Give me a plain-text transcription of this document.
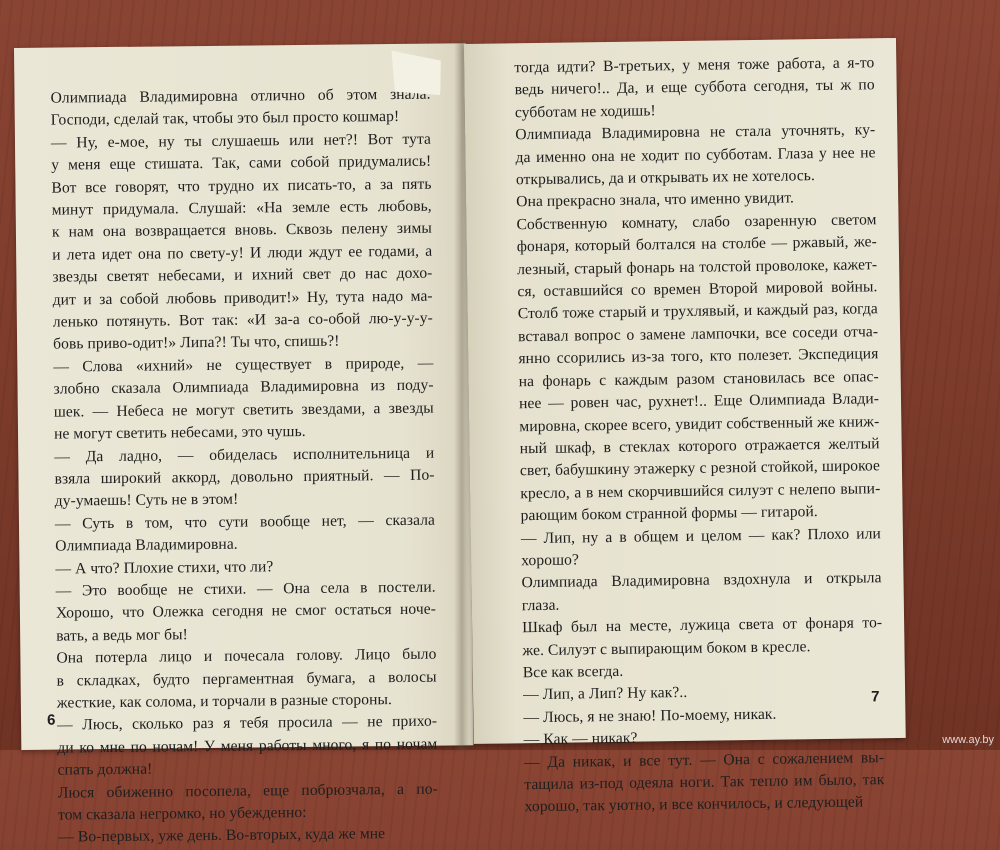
Олимпиада Владимировна отлично об этом знала.
Господи, сделай так, чтобы это был просто кошмар!
— Ну, е-мое, ну ты слушаешь или нет?! Вот тута
у меня еще стишата. Так, сами собой придумались!
Вот все говорят, что трудно их писать-то, а за пять
минут придумала. Слушай: «На земле есть любовь,
к нам она возвращается вновь. Сквозь пелену зимы
и лета идет она по свету-у! И люди ждут ее годами, а
звезды светят небесами, и ихний свет до нас дохо-
дит и за собой любовь приводит!» Ну, тута надо ма-
ленько потянуть. Вот так: «И за-а со-обой лю-у-у-у-
бовь приво-одит!» Липа?! Ты что, спишь?!
— Слова «ихний» не существует в природе, —
злобно сказала Олимпиада Владимировна из поду-
шек. — Небеса не могут светить звездами, а звезды
не могут светить небесами, это чушь.
— Да ладно, — обиделась исполнительница и
взяла широкий аккорд, довольно приятный. — По-
ду-умаешь! Суть не в этом!
— Суть в том, что сути вообще нет, — сказала
Олимпиада Владимировна.
— А что? Плохие стихи, что ли?
— Это вообще не стихи. — Она села в постели.
Хорошо, что Олежка сегодня не смог остаться ноче-
вать, а ведь мог бы!
Она потерла лицо и почесала голову. Лицо было
в складках, будто пергаментная бумага, а волосы
жесткие, как солома, и торчали в разные стороны.
— Люсь, сколько раз я тебя просила — не прихо-
ди ко мне по ночам! У меня работы много, я по ночам
спать должна!
Люся обиженно посопела, еще побрюзчала, а по-
том сказала негромко, но убежденно:
— Во-первых, уже день. Во-вторых, куда же мне
6
тогда идти? В-третьих, у меня тоже работа, а я-то
ведь ничего!.. Да, и еще суббота сегодня, ты ж по
субботам не ходишь!
Олимпиада Владимировна не стала уточнять, ку-
да именно она не ходит по субботам. Глаза у нее не
открывались, да и открывать их не хотелось.
Она прекрасно знала, что именно увидит.
Собственную комнату, слабо озаренную светом
фонаря, который болтался на столбе — ржавый, же-
лезный, старый фонарь на толстой проволоке, кажет-
ся, оставшийся со времен Второй мировой войны.
Столб тоже старый и трухлявый, и каждый раз, когда
вставал вопрос о замене лампочки, все соседи отча-
янно ссорились из-за того, кто полезет. Экспедиция
на фонарь с каждым разом становилась все опас-
нее — ровен час, рухнет!.. Еще Олимпиада Влади-
мировна, скорее всего, увидит собственный же книж-
ный шкаф, в стеклах которого отражается желтый
свет, бабушкину этажерку с резной стойкой, широкое
кресло, а в нем скорчившийся силуэт с нелепо выпи-
рающим боком странной формы — гитарой.
— Лип, ну а в общем и целом — как? Плохо или
хорошо?
Олимпиада Владимировна вздохнула и открыла
глаза.
Шкаф был на месте, лужица света от фонаря то-
же. Силуэт с выпирающим боком в кресле.
Все как всегда.
— Лип, а Лип? Ну как?..
— Люсь, я не знаю! По-моему, никак.
— Как — никак?
— Да никак, и все тут. — Она с сожалением вы-
тащила из-под одеяла ноги. Так тепло им было, так
хорошо, так уютно, и все кончилось, и следующей
7
www.ay.by
